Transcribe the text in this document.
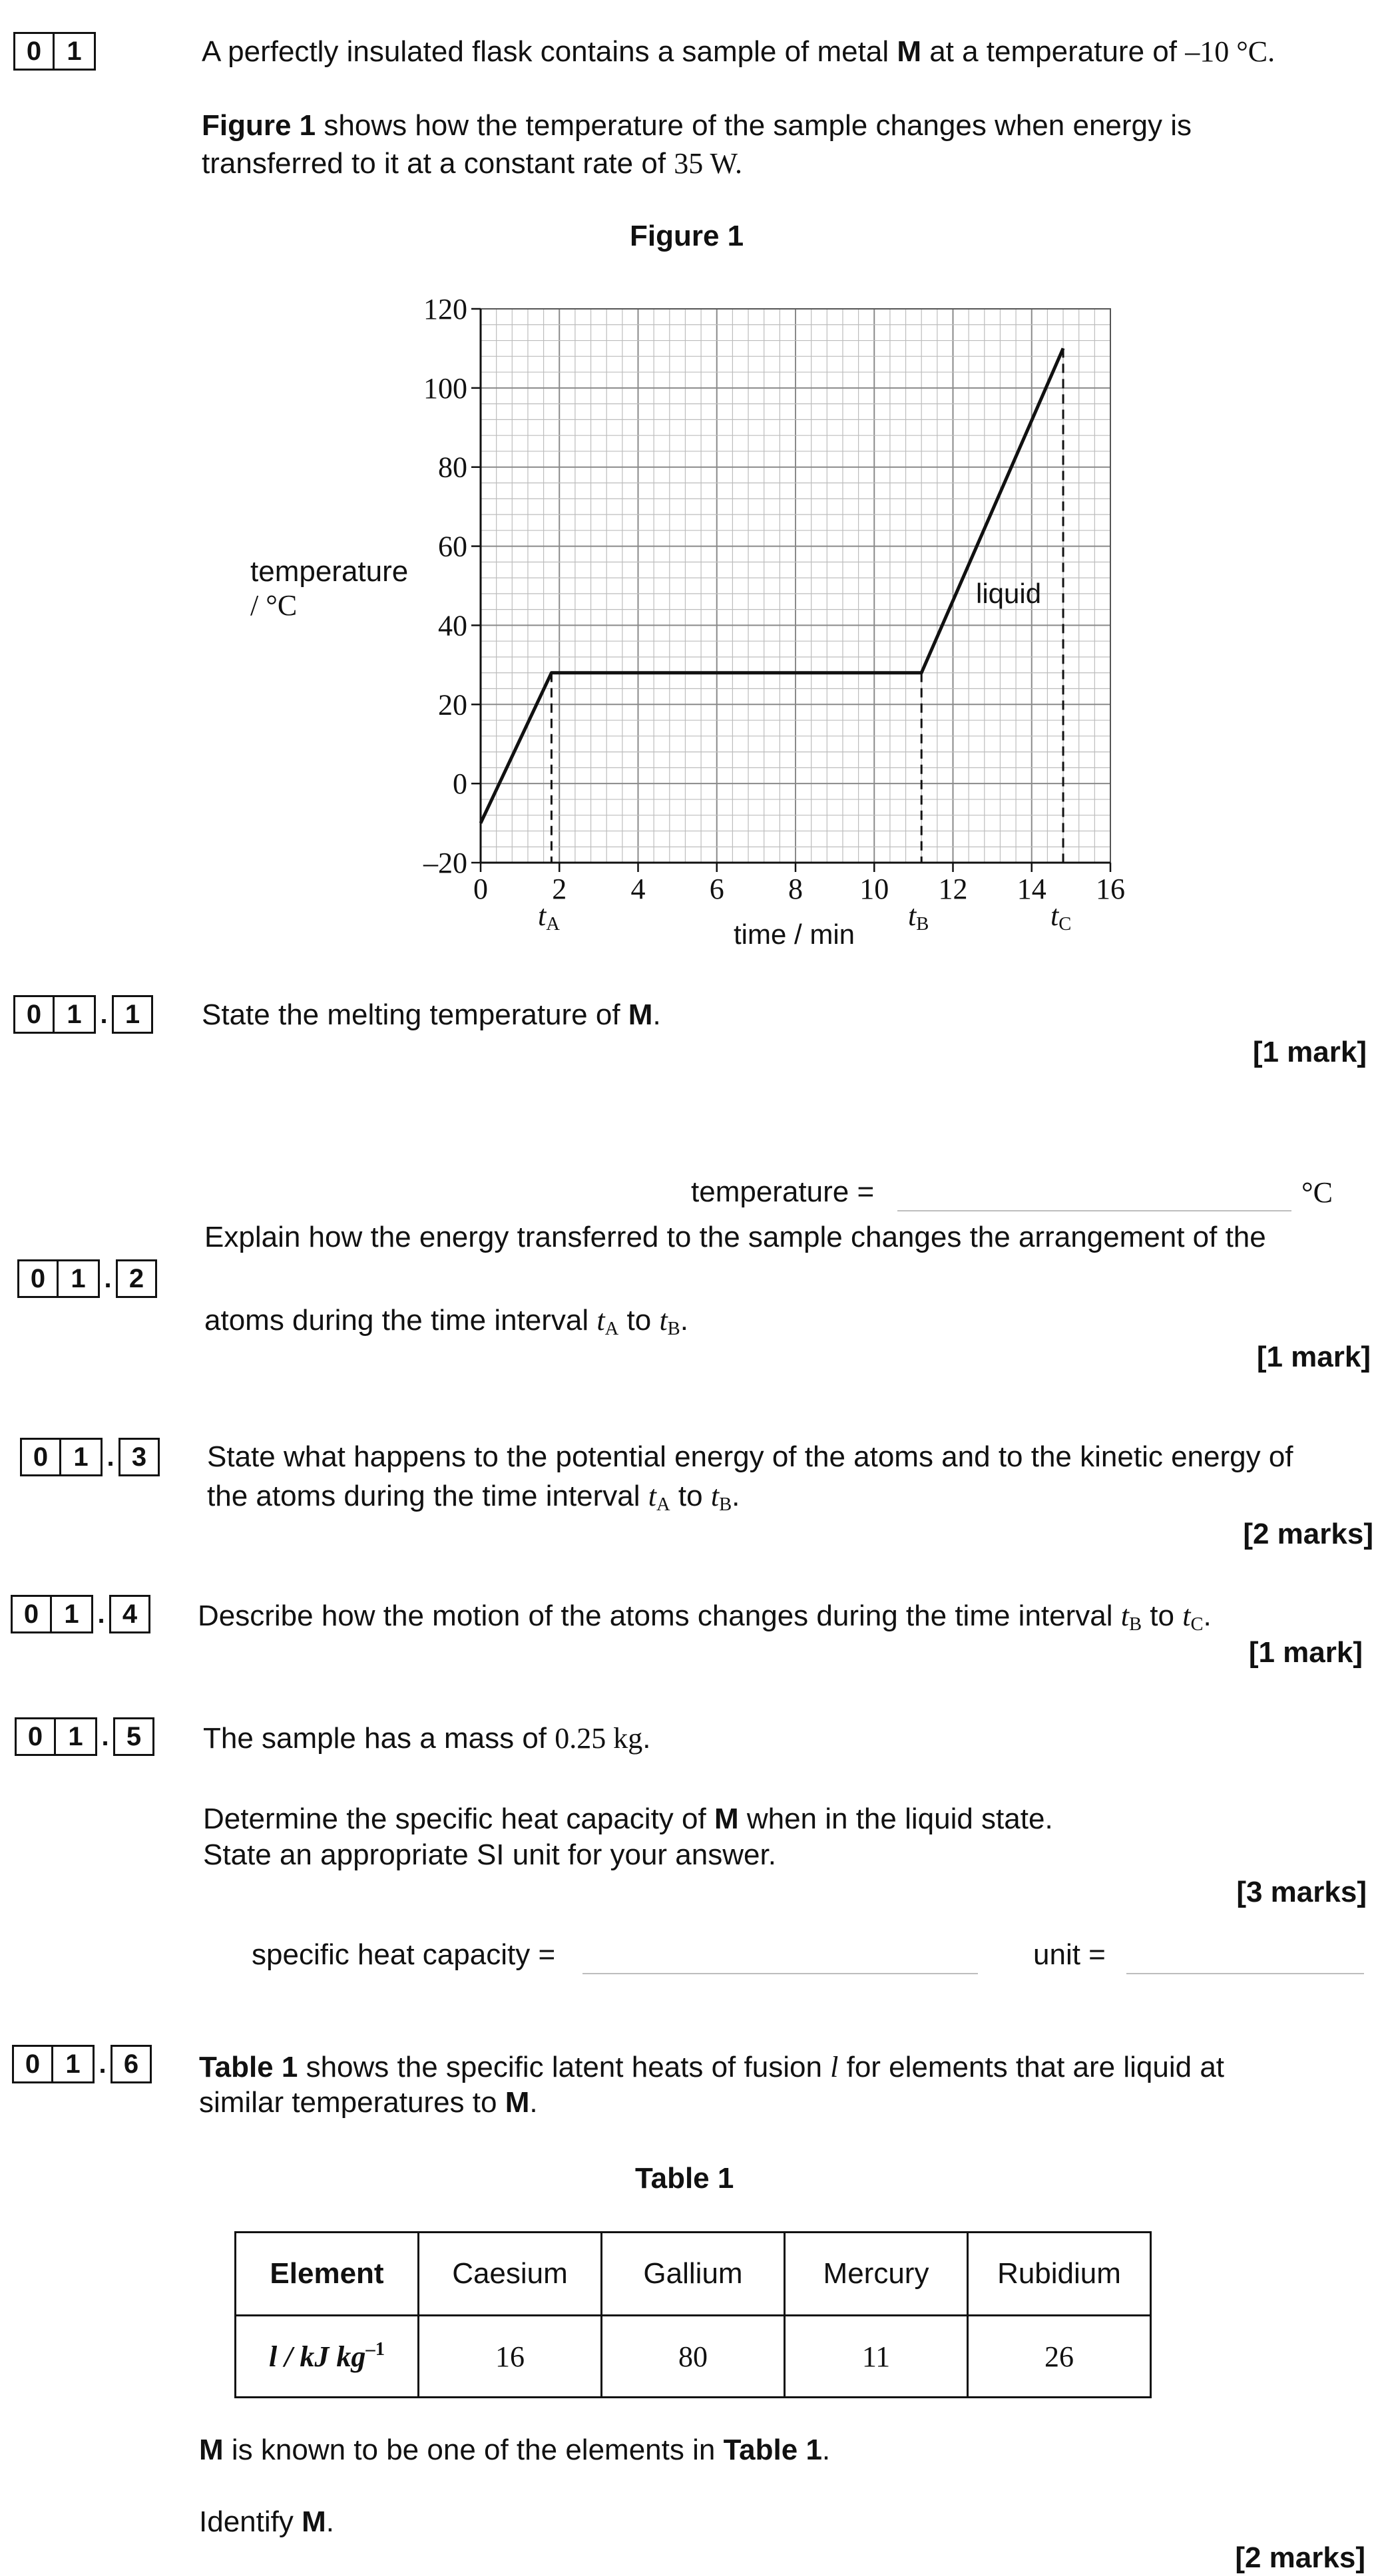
0 1	A perfectly insulated flask contains a sample of metal M at a temperature of –10 °C.
Figure 1 shows how the temperature of the sample changes when energy is
transferred to it at a constant rate of 35 W.
Figure 1
0 2 4 6 8 10 12 14 16
–20
0
20
40
60
80
100
120
temperature
/ °C
time / min
liquid
$t_A$	$t_B$	$t_C$
0 1 . 1	State the melting temperature of M.
[1 mark]
temperature =	°C
0 1 . 2
Explain how the energy transferred to the sample changes the arrangement of the
atoms during the time interval $t_A$ to $t_B$.
[1 mark]
0 1 . 3	State what happens to the potential energy of the atoms and to the kinetic energy of
the atoms during the time interval $t_A$ to $t_B$.
[2 marks]
0 1 . 4	Describe how the motion of the atoms changes during the time interval $t_B$ to $t_C$.
[1 mark]
0 1 . 5	The sample has a mass of 0.25 kg.
Determine the specific heat capacity of M when in the liquid state.
State an appropriate SI unit for your answer.
[3 marks]
specific heat capacity =	unit =
0 1 . 6	Table 1 shows the specific latent heats of fusion l for elements that are liquid at
similar temperatures to M.
Table 1
Element	Caesium	Gallium	Mercury	Rubidium
l / kJ $kg^{-1}$	16	80	11	26
M is known to be one of the elements in Table 1.
Identify M.
[2 marks]
